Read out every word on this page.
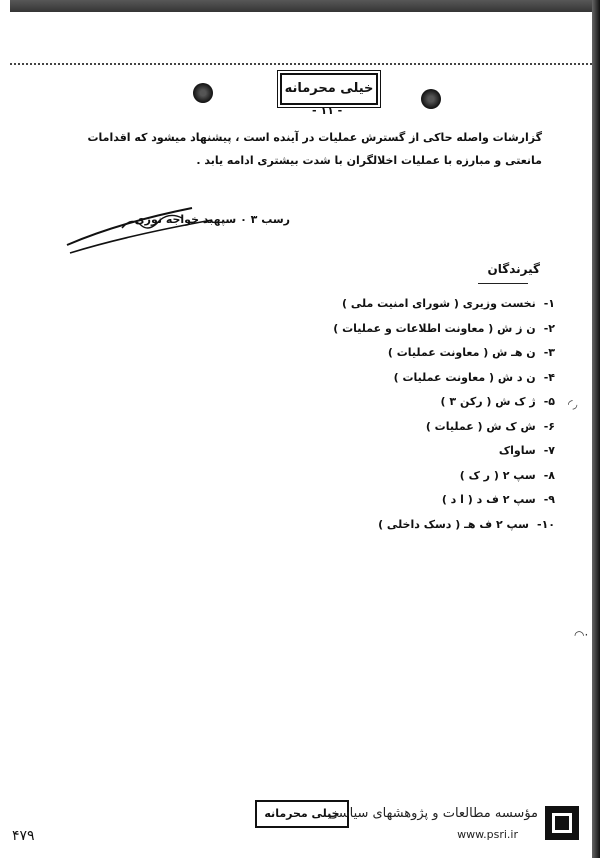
خیلی محرمانه
- ۱۱ -
گزارشات واصله حاکی از گسترش عملیات در آینده است ، پیشنهاد میشود که اقدامات
مانعتی و مبارزه با عملیات اخلالگران با شدت بیشتری ادامه یابد .
رسب ۳ ۰ سپهبد خواجه نوری
گیرندگان
۱-نخست وزیری ( شورای امنیت ملی )
۲-ن ز ش ( معاونت اطلاعات و عملیات )
۳-ن هـ ش ( معاونت عملیات )
۴-ن د ش ( معاونت عملیات )
۵-ژ ک ش ( رکن ۳ )
۶-ش ک ش ( عملیات )
۷-ساواک
۸-سپ ۲ ( ر ک )
۹-سپ ۲ ف د ( ا د )
۱۰-سپ ۲ ف هـ ( دسک داخلی )
◜◞
◠·
خیلی محرمانه
۴۷۹
مؤسسه مطالعات و پژوهشهای سیاسی
www.psri.ir
